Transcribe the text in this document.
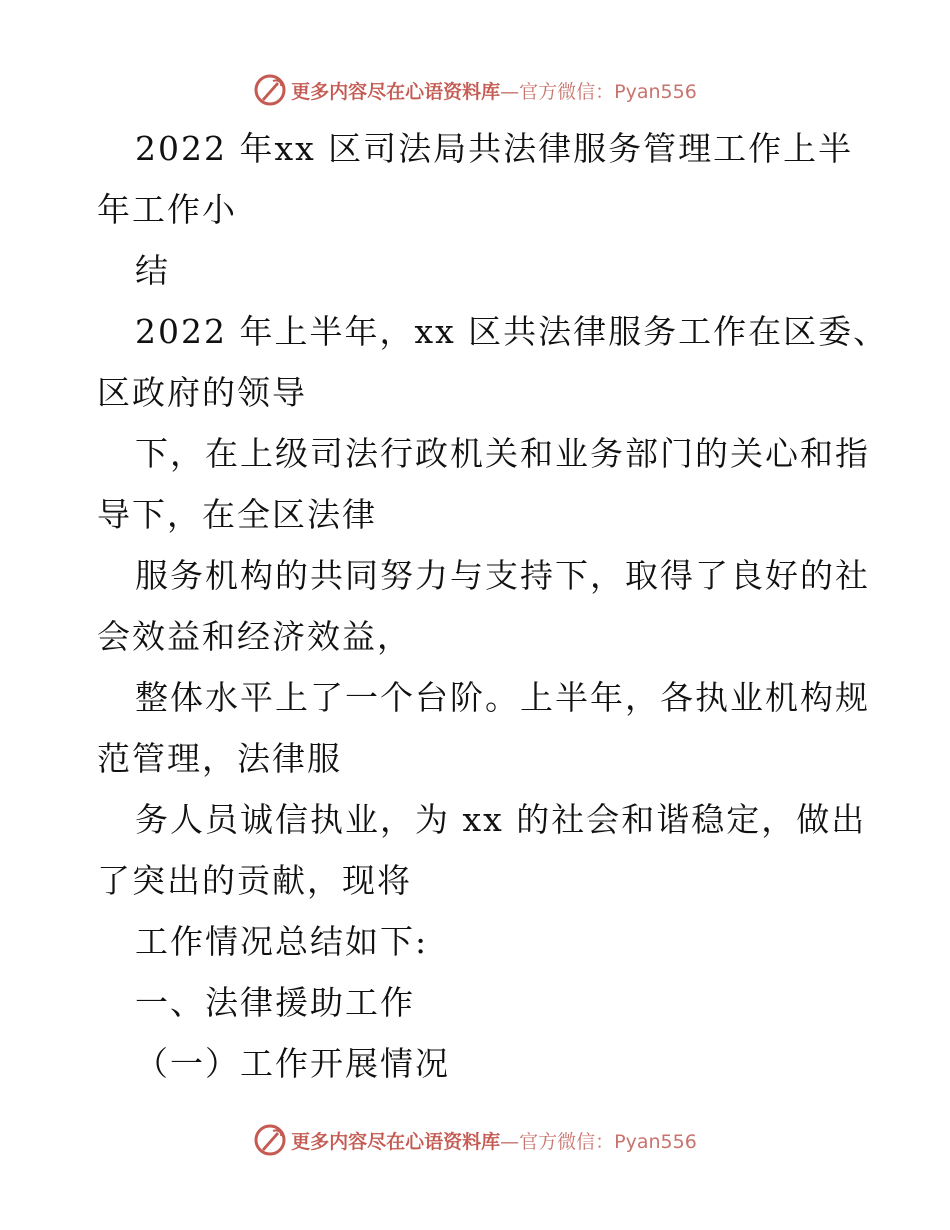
更多内容尽在心语资料库—官方微信：Pyan556
2022 年xx 区司法局共法律服务管理工作上半
年工作小
结
2022 年上半年，xx 区共法律服务工作在区委、
区政府的领导
下，在上级司法行政机关和业务部门的关心和指
导下，在全区法律
服务机构的共同努力与支持下，取得了良好的社
会效益和经济效益，
整体水平上了一个台阶。上半年，各执业机构规
范管理，法律服
务人员诚信执业，为 xx 的社会和谐稳定，做出
了突出的贡献，现将
工作情况总结如下:
一、法律援助工作
（一）工作开展情况
更多内容尽在心语资料库—官方微信：Pyan556
